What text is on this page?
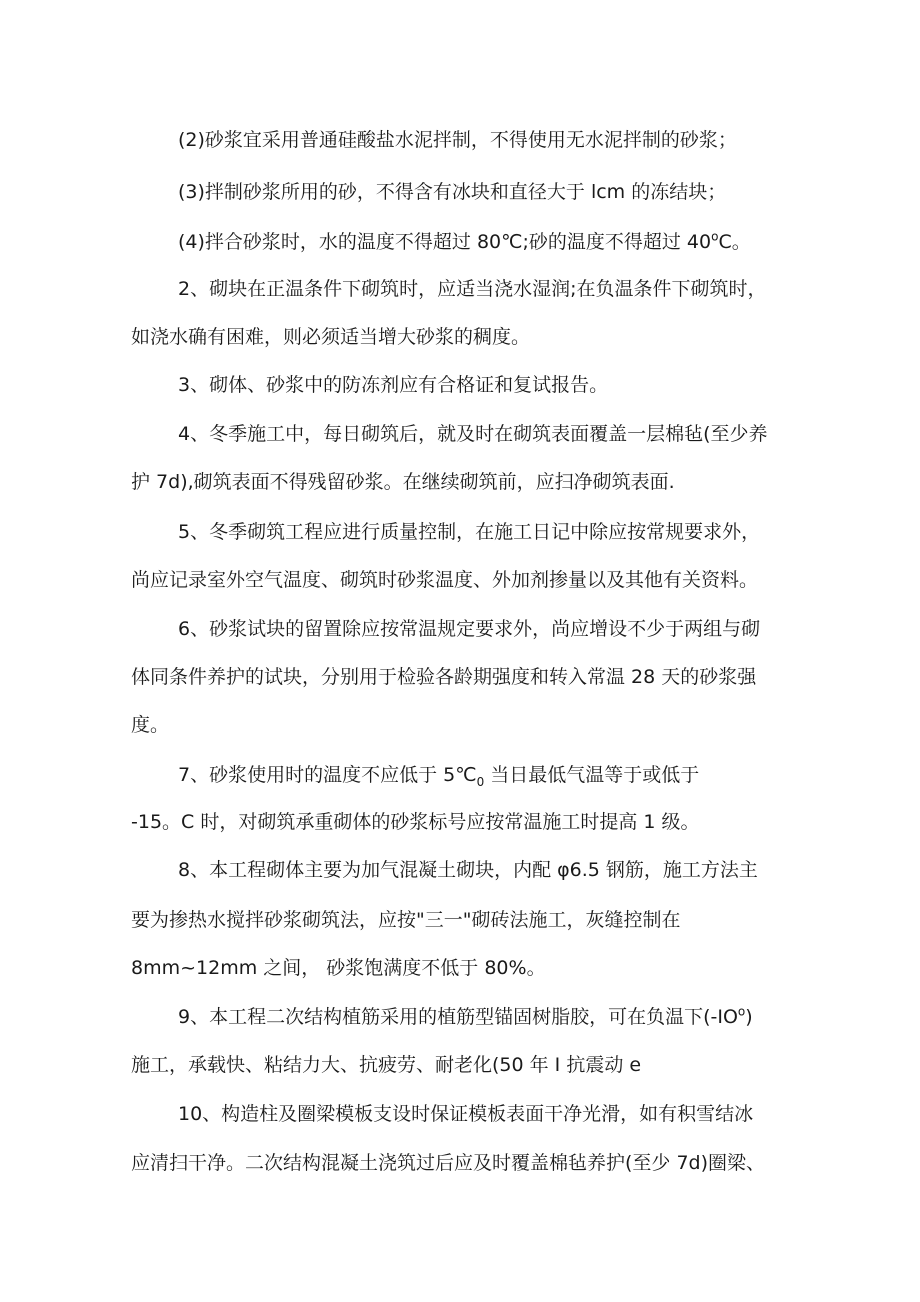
(2)砂浆宜采用普通硅酸盐水泥拌制，不得使用无水泥拌制的砂浆；

(3)拌制砂浆所用的砂，不得含有冰块和直径大于 lcm 的冻结块；

(4)拌合砂浆时，水的温度不得超过 80℃;砂的温度不得超过 40$^o$C。

2、砌块在正温条件下砌筑时，应适当浇水湿润;在负温条件下砌筑时，

如浇水确有困难，则必须适当增大砂浆的稠度。

3、砌体、砂浆中的防冻剂应有合格证和复试报告。

4、冬季施工中，每日砌筑后，就及时在砌筑表面覆盖一层棉毡(至少养

护 7d),砌筑表面不得残留砂浆。在继续砌筑前，应扫净砌筑表面.

5、冬季砌筑工程应进行质量控制，在施工日记中除应按常规要求外，

尚应记录室外空气温度、砌筑时砂浆温度、外加剂掺量以及其他有关资料。

6、砂浆试块的留置除应按常温规定要求外，尚应增设不少于两组与砌

体同条件养护的试块，分别用于检验各龄期强度和转入常温 28 天的砂浆强

度。

7、砂浆使用时的温度不应低于 $5℃_0$ 当日最低气温等于或低于

-15。C 时，对砌筑承重砌体的砂浆标号应按常温施工时提高 1 级。

8、本工程砌体主要为加气混凝土砌块，内配 φ6.5 钢筋，施工方法主

要为掺热水搅拌砂浆砌筑法，应按"三一"砌砖法施工，灰缝控制在

8mm~12mm 之间， 砂浆饱满度不低于 80%。

9、本工程二次结构植筋采用的植筋型锚固树脂胶，可在负温下$(-IO^o)$

施工，承载快、粘结力大、抗疲劳、耐老化(50 年 I 抗震动 e

10、构造柱及圈梁模板支设时保证模板表面干净光滑，如有积雪结冰

应清扫干净。二次结构混凝土浇筑过后应及时覆盖棉毡养护(至少 7d)圈梁、
